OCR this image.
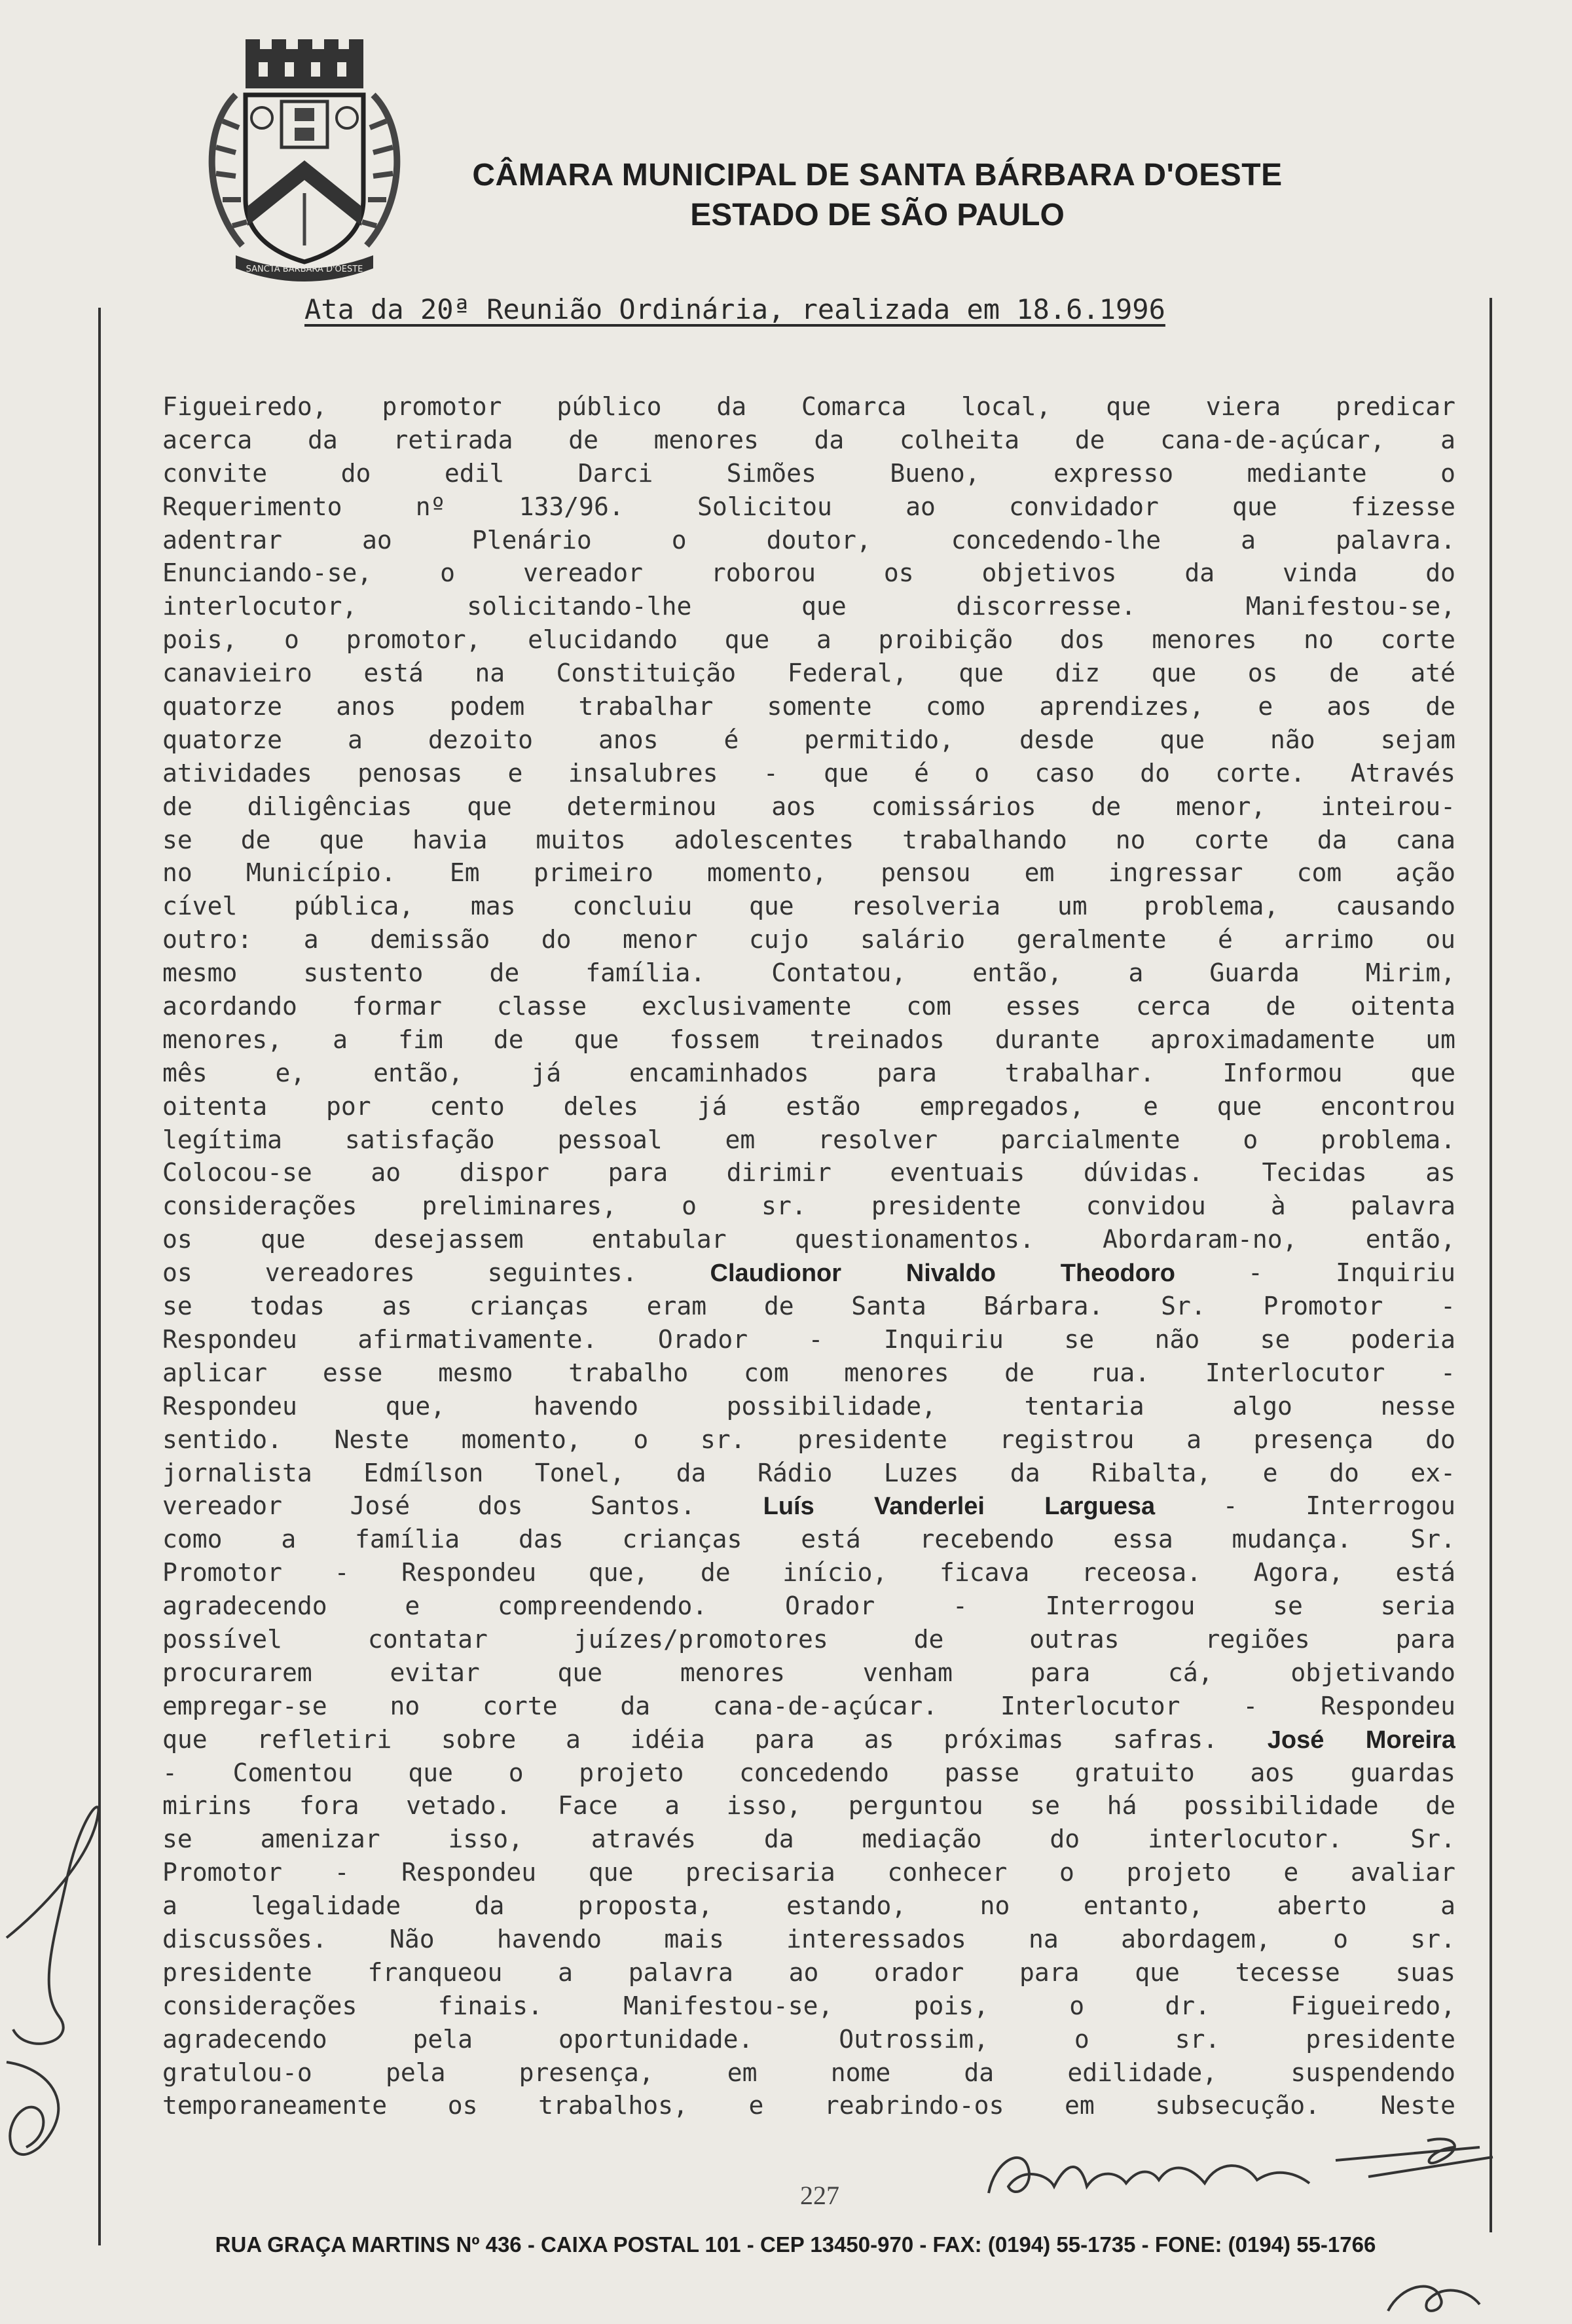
SANCTA BARBARA D'OESTE
CÂMARA MUNICIPAL DE SANTA BÁRBARA D'OESTE
ESTADO DE SÃO PAULO
Ata da 20ª Reunião Ordinária, realizada em 18.6.1996
Figueiredo, promotor público da Comarca local, que viera predicar
acerca da retirada de menores da colheita de cana-de-açúcar, a
convite do edil Darci Simões Bueno, expresso mediante o
Requerimento nº 133/96. Solicitou ao convidador que fizesse
adentrar ao Plenário o doutor, concedendo-lhe a palavra.
Enunciando-se, o vereador roborou os objetivos da vinda do
interlocutor, solicitando-lhe que discorresse. Manifestou-se,
pois, o promotor, elucidando que a proibição dos menores no corte
canavieiro está na Constituição Federal, que diz que os de até
quatorze anos podem trabalhar somente como aprendizes, e aos de
quatorze a dezoito anos é permitido, desde que não sejam
atividades penosas e insalubres - que é o caso do corte. Através
de diligências que determinou aos comissários de menor, inteirou-
se de que havia muitos adolescentes trabalhando no corte da cana
no Município. Em primeiro momento, pensou em ingressar com ação
cível pública, mas concluiu que resolveria um problema, causando
outro: a demissão do menor cujo salário geralmente é arrimo ou
mesmo sustento de família. Contatou, então, a Guarda Mirim,
acordando formar classe exclusivamente com esses cerca de oitenta
menores, a fim de que fossem treinados durante aproximadamente um
mês e, então, já encaminhados para trabalhar. Informou que
oitenta por cento deles já estão empregados, e que encontrou
legítima satisfação pessoal em resolver parcialmente o problema.
Colocou-se ao dispor para dirimir eventuais dúvidas. Tecidas as
considerações preliminares, o sr. presidente convidou à palavra
os que desejassem entabular questionamentos. Abordaram-no, então,
os vereadores seguintes.	Claudionor Nivaldo Theodoro - Inquiriu
se todas as crianças eram de Santa Bárbara. Sr. Promotor -
Respondeu afirmativamente. Orador - Inquiriu se não se poderia
aplicar esse mesmo trabalho com menores de rua. Interlocutor -
Respondeu que, havendo possibilidade, tentaria algo nesse
sentido. Neste momento, o sr. presidente registrou a presença do
jornalista Edmílson Tonel, da Rádio Luzes da Ribalta, e do ex-
vereador José dos Santos.	Luís Vanderlei Larguesa - Interrogou
como a família das crianças está recebendo essa mudança. Sr.
Promotor - Respondeu que, de início, ficava receosa. Agora, está
agradecendo e compreendendo. Orador - Interrogou se seria
possível contatar juízes/promotores de outras regiões para
procurarem evitar que menores venham para cá, objetivando
empregar-se no corte da cana-de-açúcar. Interlocutor - Respondeu
que refletiri sobre a idéia para as próximas safras. José Moreira
- Comentou que o projeto concedendo passe gratuito aos guardas
mirins fora vetado. Face a isso, perguntou se há possibilidade de
se amenizar isso, através da mediação do interlocutor. Sr.
Promotor - Respondeu que precisaria conhecer o projeto e avaliar
a legalidade da proposta, estando, no entanto, aberto a
discussões. Não havendo mais interessados na abordagem, o sr.
presidente franqueou a palavra ao orador para que tecesse suas
considerações finais. Manifestou-se, pois, o dr. Figueiredo,
agradecendo pela oportunidade. Outrossim, o sr. presidente
gratulou-o pela presença, em nome da edilidade, suspendendo
temporaneamente os trabalhos, e reabrindo-os em subsecução. Neste
227
RUA GRAÇA MARTINS Nº 436 - CAIXA POSTAL 101 - CEP 13450-970 - FAX: (0194) 55-1735 - FONE: (0194) 55-1766
